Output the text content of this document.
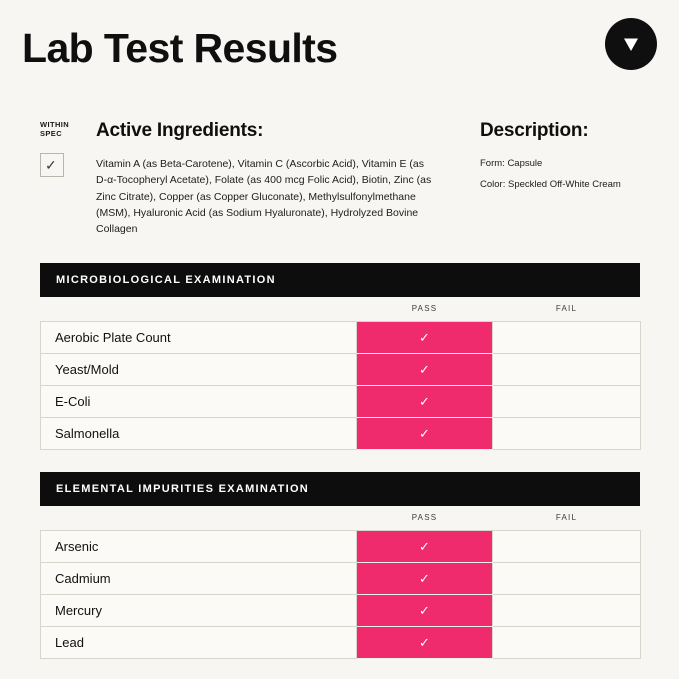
Lab Test Results
WITHIN SPEC
✓
Active Ingredients:
Vitamin A (as Beta-Carotene), Vitamin C (Ascorbic Acid), Vitamin E (as D-α-Tocopheryl Acetate), Folate (as 400 mcg Folic Acid), Biotin, Zinc (as Zinc Citrate), Copper (as Copper Gluconate), Methylsulfonylmethane (MSM), Hyaluronic Acid (as Sodium Hyaluronate), Hydrolyzed Bovine Collagen
Description:
Form: Capsule
Color: Speckled Off-White Cream
MICROBIOLOGICAL EXAMINATION
	PASS	FAIL
Aerobic Plate Count	✓	
Yeast/Mold	✓	
E-Coli	✓	
Salmonella	✓	
ELEMENTAL IMPURITIES EXAMINATION
	PASS	FAIL
Arsenic	✓	
Cadmium	✓	
Mercury	✓	
Lead	✓	
